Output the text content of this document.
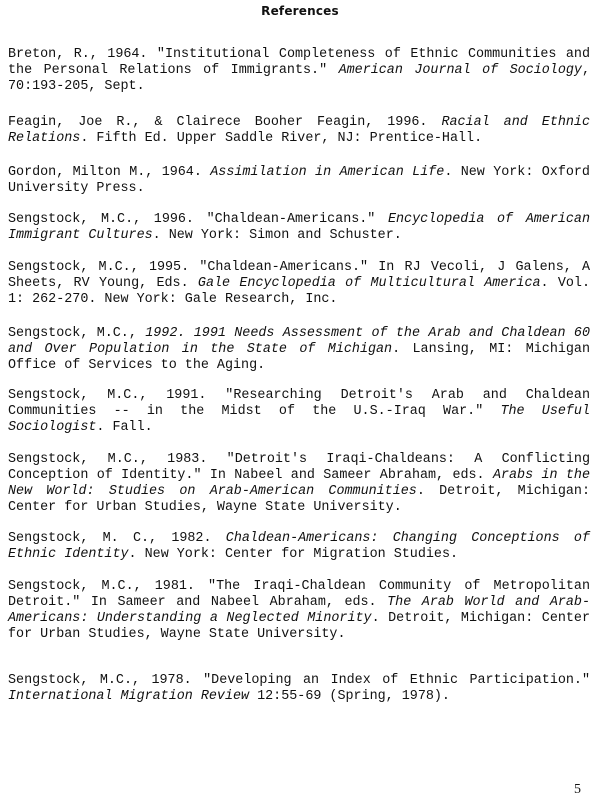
References
Breton, R., 1964. "Institutional Completeness of Ethnic Communities and the Personal Relations of Immigrants." American Journal of Sociology, 70:193-205, Sept.
Feagin, Joe R., & Clairece Booher Feagin, 1996. Racial and Ethnic Relations. Fifth Ed. Upper Saddle River, NJ: Prentice-Hall.
Gordon, Milton M., 1964. Assimilation in American Life. New York: Oxford University Press.
Sengstock, M.C., 1996. "Chaldean-Americans." Encyclopedia of American Immigrant Cultures. New York: Simon and Schuster.
Sengstock, M.C., 1995. "Chaldean-Americans." In RJ Vecoli, J Galens, A Sheets, RV Young, Eds. Gale Encyclopedia of Multicultural America. Vol. 1: 262-270. New York: Gale Research, Inc.
Sengstock, M.C., 1992. 1991 Needs Assessment of the Arab and Chaldean 60 and Over Population in the State of Michigan. Lansing, MI: Michigan Office of Services to the Aging.
Sengstock, M.C., 1991. "Researching Detroit's Arab and Chaldean Communities -- in the Midst of the U.S.-Iraq War." The Useful Sociologist. Fall.
Sengstock, M.C., 1983. "Detroit's Iraqi-Chaldeans: A Conflicting Conception of Identity." In Nabeel and Sameer Abraham, eds. Arabs in the New World: Studies on Arab-American Communities. Detroit, Michigan: Center for Urban Studies, Wayne State University.
Sengstock, M. C., 1982. Chaldean-Americans: Changing Conceptions of Ethnic Identity. New York: Center for Migration Studies.
Sengstock, M.C., 1981. "The Iraqi-Chaldean Community of Metropolitan Detroit." In Sameer and Nabeel Abraham, eds. The Arab World and Arab-Americans: Understanding a Neglected Minority. Detroit, Michigan: Center for Urban Studies, Wayne State University.
Sengstock, M.C., 1978. "Developing an Index of Ethnic Participation." International Migration Review 12:55-69 (Spring, 1978).
5
